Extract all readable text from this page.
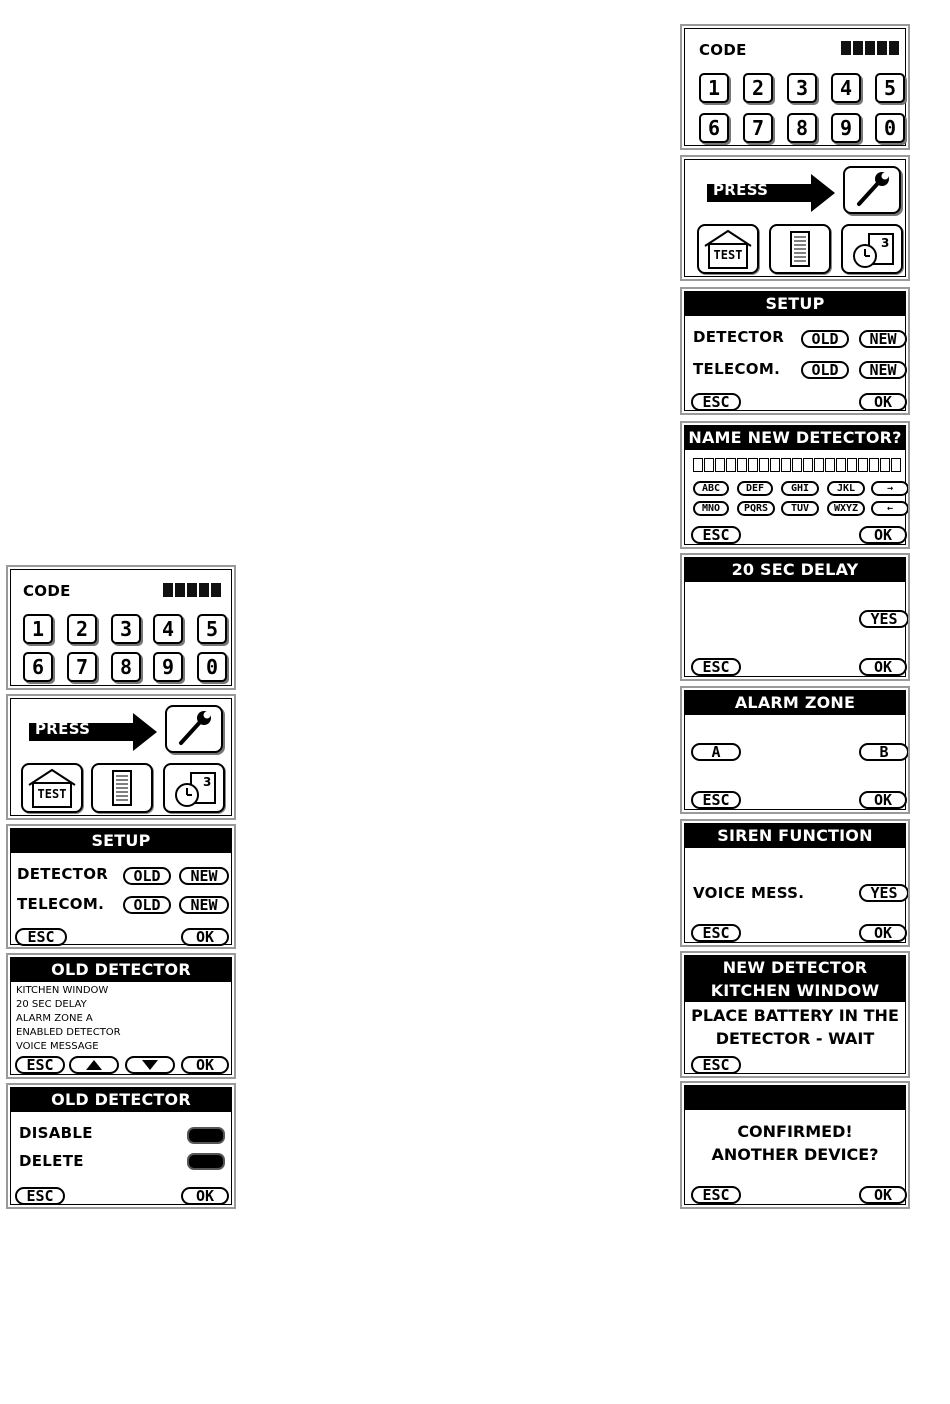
CODE
1	2	3	4	5
6	7	8	9	0
PRESS
TEST
3
SETUP
DETECTOR	OLD	NEW
TELECOM.	OLD	NEW
ESC	OK
NAME NEW DETECTOR?
ABC	DEF	GHI	JKL	→
MNO	PQRS	TUV	WXYZ	←
ESC	OK
20 SEC DELAY
YES
ESC	OK
ALARM ZONE
A	B
ESC	OK
SIREN FUNCTION
VOICE MESS.	YES
ESC	OK
NEW DETECTOR
KITCHEN WINDOW
PLACE BATTERY IN THE
DETECTOR - WAIT
ESC
CONFIRMED!
ANOTHER DEVICE?
ESC	OK
CODE
1	2	3	4	5
6	7	8	9	0
PRESS
TEST
3
SETUP
DETECTOR	OLD	NEW
TELECOM.	OLD	NEW
ESC	OK
OLD DETECTOR
KITCHEN WINDOW
20 SEC DELAY
ALARM ZONE A
ENABLED DETECTOR
VOICE MESSAGE
ESC	OK
OLD DETECTOR
DISABLE
DELETE
ESC	OK
